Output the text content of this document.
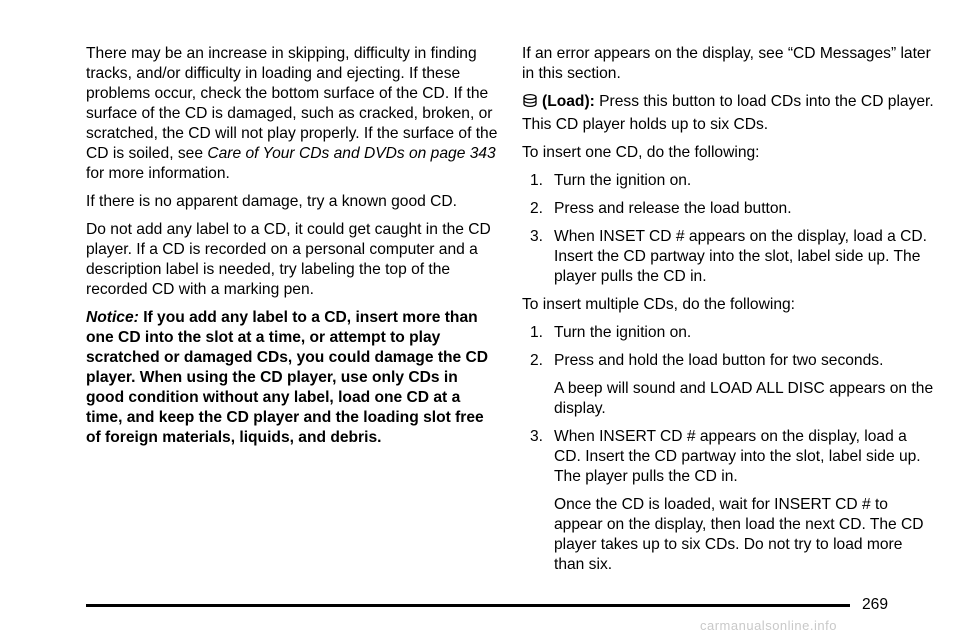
There may be an increase in skipping, difficulty in finding tracks, and/or difficulty in loading and ejecting. If these problems occur, check the bottom surface of the CD. If the surface of the CD is damaged, such as cracked, broken, or scratched, the CD will not play properly. If the surface of the CD is soiled, see Care of Your CDs and DVDs on page 343 for more information.

If there is no apparent damage, try a known good CD.

Do not add any label to a CD, it could get caught in the CD player. If a CD is recorded on a personal computer and a description label is needed, try labeling the top of the recorded CD with a marking pen.

Notice: If you add any label to a CD, insert more than one CD into the slot at a time, or attempt to play scratched or damaged CDs, you could damage the CD player. When using the CD player, use only CDs in good condition without any label, load one CD at a time, and keep the CD player and the loading slot free of foreign materials, liquids, and debris.

If an error appears on the display, see “CD Messages” later in this section.

(Load): Press this button to load CDs into the CD player. This CD player holds up to six CDs.

To insert one CD, do the following:

1. Turn the ignition on.
2. Press and release the load button.
3. When INSET CD # appears on the display, load a CD. Insert the CD partway into the slot, label side up. The player pulls the CD in.

To insert multiple CDs, do the following:

1. Turn the ignition on.
2. Press and hold the load button for two seconds.

A beep will sound and LOAD ALL DISC appears on the display.

3. When INSERT CD # appears on the display, load a CD. Insert the CD partway into the slot, label side up. The player pulls the CD in.

Once the CD is loaded, wait for INSERT CD # to appear on the display, then load the next CD. The CD player takes up to six CDs. Do not try to load more than six.

269
carmanualsonline.info
